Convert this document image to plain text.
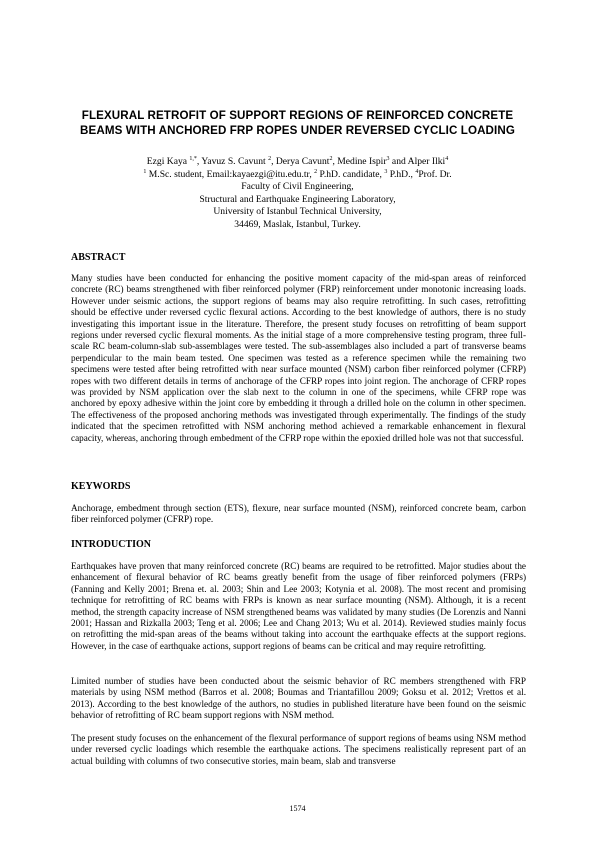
FLEXURAL RETROFIT OF SUPPORT REGIONS OF REINFORCED CONCRETE
BEAMS WITH ANCHORED FRP ROPES UNDER REVERSED CYCLIC LOADING
Ezgi Kaya $^{1,*}$, Yavuz S. Cavunt $^2$, Derya Cavunt$^2$, Medine Ispir$^3$ and Alper Ilki$^4$
$^1$ M.Sc. student, Email:kayaezgi@itu.edu.tr, $^2$ P.hD. candidate, $^3$ P.hD., $^4$Prof. Dr.
Faculty of Civil Engineering,
Structural and Earthquake Engineering Laboratory,
University of Istanbul Technical University,
34469, Maslak, Istanbul, Turkey.
ABSTRACT

Many studies have been conducted for enhancing the positive moment capacity of the mid-span areas of reinforced concrete (RC) beams strengthened with fiber reinforced polymer (FRP) reinforcement under monotonic increasing loads. However under seismic actions, the support regions of beams may also require retrofitting. In such cases, retrofitting should be effective under reversed cyclic flexural actions. According to the best knowledge of authors, there is no study investigating this important issue in the literature. Therefore, the present study focuses on retrofitting of beam support regions under reversed cyclic flexural moments. As the initial stage of a more comprehensive testing program, three full-scale RC beam-column-slab sub-assemblages were tested. The sub-assemblages also included a part of transverse beams perpendicular to the main beam tested. One specimen was tested as a reference specimen while the remaining two specimens were tested after being retrofitted with near surface mounted (NSM) carbon fiber reinforced polymer (CFRP) ropes with two different details in terms of anchorage of the CFRP ropes into joint region. The anchorage of CFRP ropes was provided by NSM application over the slab next to the column in one of the specimens, while CFRP rope was anchored by epoxy adhesive within the joint core by embedding it through a drilled hole on the column in other specimen. The effectiveness of the proposed anchoring methods was investigated through experimentally. The findings of the study indicated that the specimen retrofitted with NSM anchoring method achieved a remarkable enhancement in flexural capacity, whereas, anchoring through embedment of the CFRP rope within the epoxied drilled hole was not that successful.

KEYWORDS

Anchorage, embedment through section (ETS), flexure, near surface mounted (NSM), reinforced concrete beam, carbon fiber reinforced polymer (CFRP) rope.

INTRODUCTION

Earthquakes have proven that many reinforced concrete (RC) beams are required to be retrofitted. Major studies about the enhancement of flexural behavior of RC beams greatly benefit from the usage of fiber reinforced polymers (FRPs) (Fanning and Kelly 2001; Brena et. al. 2003; Shin and Lee 2003; Kotynia et al. 2008). The most recent and promising technique for retrofitting of RC beams with FRPs is known as near surface mounting (NSM). Although, it is a recent method, the strength capacity increase of NSM strengthened beams was validated by many studies (De Lorenzis and Nanni 2001; Hassan and Rizkalla 2003; Teng et al. 2006; Lee and Chang 2013; Wu et al. 2014). Reviewed studies mainly focus on retrofitting the mid-span areas of the beams without taking into account the earthquake effects at the support regions. However, in the case of earthquake actions, support regions of beams can be critical and may require retrofitting.

Limited number of studies have been conducted about the seismic behavior of RC members strengthened with FRP materials by using NSM method (Barros et al. 2008; Boumas and Triantafillou 2009; Goksu et al. 2012; Vrettos et al. 2013). According to the best knowledge of the authors, no studies in published literature have been found on the seismic behavior of retrofitting of RC beam support regions with NSM method.

The present study focuses on the enhancement of the flexural performance of support regions of beams using NSM method under reversed cyclic loadings which resemble the earthquake actions. The specimens realistically represent part of an actual building with columns of two consecutive stories, main beam, slab and transverse

1574
